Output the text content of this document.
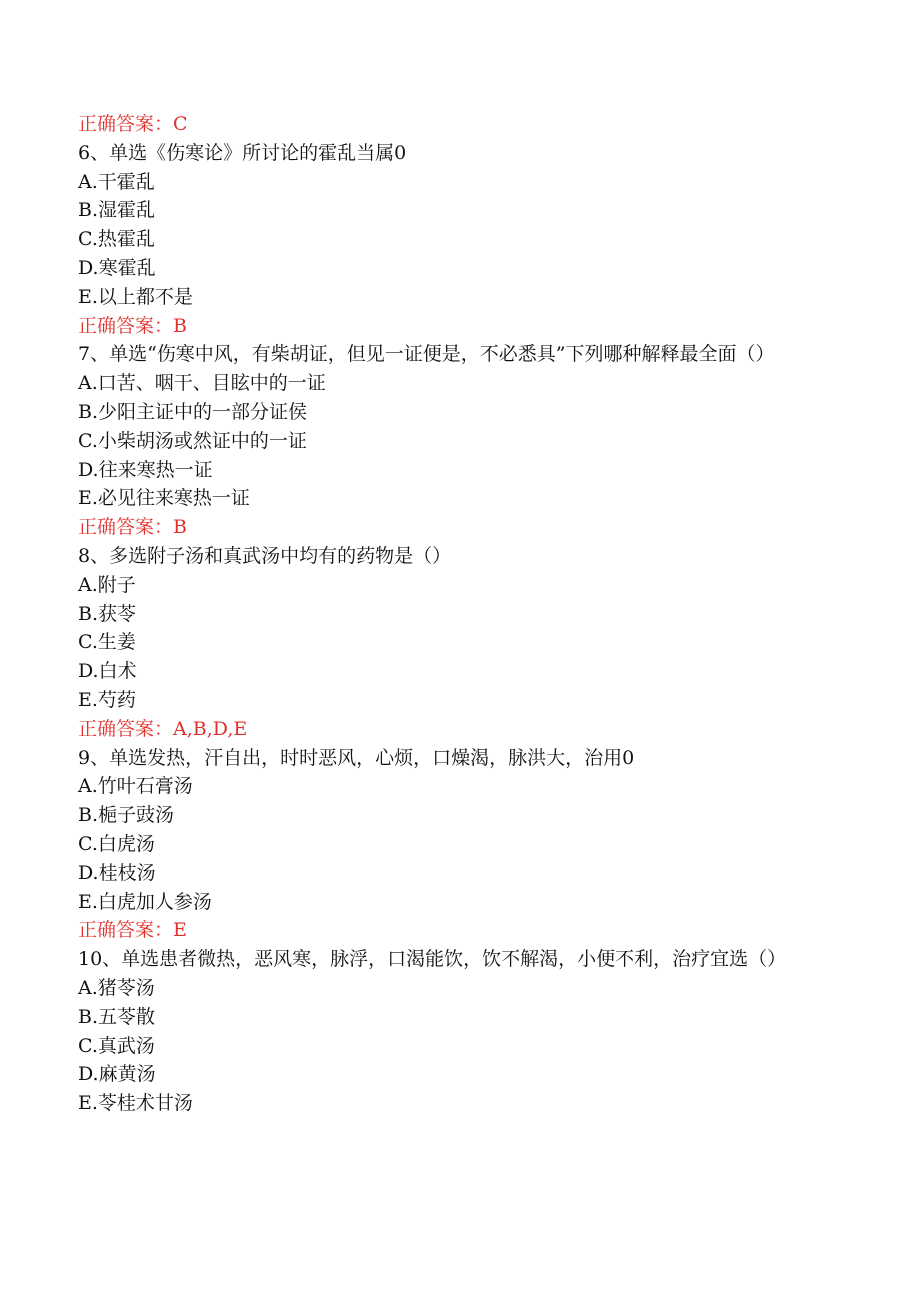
正确答案：C
6、单选《伤寒论》所讨论的霍乱当属0
A.干霍乱
B.湿霍乱
C.热霍乱
D.寒霍乱
E.以上都不是
正确答案：B
7、单选“伤寒中风，有柴胡证，但见一证便是，不必悉具”下列哪种解释最全面（）
A.口苦、咽干、目眩中的一证
B.少阳主证中的一部分证侯
C.小柴胡汤或然证中的一证
D.往来寒热一证
E.必见往来寒热一证
正确答案：B
8、多选附子汤和真武汤中均有的药物是（）
A.附子
B.获苓
C.生姜
D.白术
E.芍药
正确答案：A,B,D,E
9、单选发热，汗自出，时时恶风，心烦，口燥渴，脉洪大，治用0
A.竹叶石膏汤
B.梔子豉汤
C.白虎汤
D.桂枝汤
E.白虎加人参汤
正确答案：E
10、单选患者微热，恶风寒，脉浮，口渴能饮，饮不解渴，小便不利，治疗宜选（）
A.猪苓汤
B.五苓散
C.真武汤
D.麻黄汤
E.苓桂术甘汤
